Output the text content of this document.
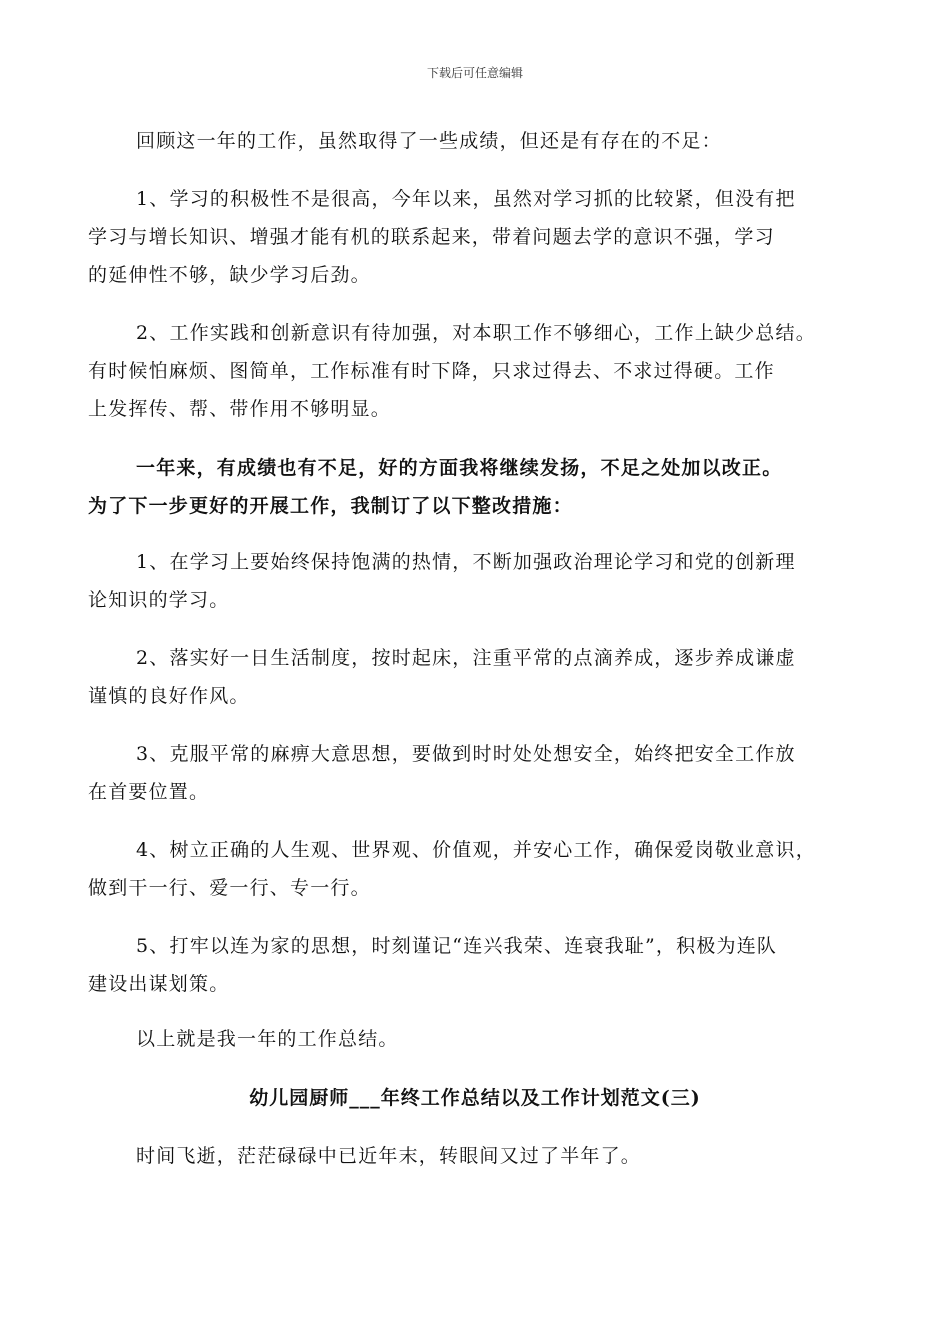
下载后可任意编辑
回顾这一年的工作，虽然取得了一些成绩，但还是有存在的不足：
1、学习的积极性不是很高，今年以来，虽然对学习抓的比较紧，但没有把
学习与增长知识、增强才能有机的联系起来，带着问题去学的意识不强，学习
的延伸性不够，缺少学习后劲。
2、工作实践和创新意识有待加强，对本职工作不够细心，工作上缺少总结。
有时候怕麻烦、图简单，工作标准有时下降，只求过得去、不求过得硬。工作
上发挥传、帮、带作用不够明显。
一年来，有成绩也有不足，好的方面我将继续发扬，不足之处加以改正。
为了下一步更好的开展工作，我制订了以下整改措施：
1、在学习上要始终保持饱满的热情，不断加强政治理论学习和党的创新理
论知识的学习。
2、落实好一日生活制度，按时起床，注重平常的点滴养成，逐步养成谦虚
谨慎的良好作风。
3、克服平常的麻痹大意思想，要做到时时处处想安全，始终把安全工作放
在首要位置。
4、树立正确的人生观、世界观、价值观，并安心工作，确保爱岗敬业意识，
做到干一行、爱一行、专一行。
5、打牢以连为家的思想，时刻谨记“连兴我荣、连衰我耻”，积极为连队
建设出谋划策。
以上就是我一年的工作总结。
幼儿园厨师___年终工作总结以及工作计划范文(三)
时间飞逝，茫茫碌碌中已近年末，转眼间又过了半年了。
